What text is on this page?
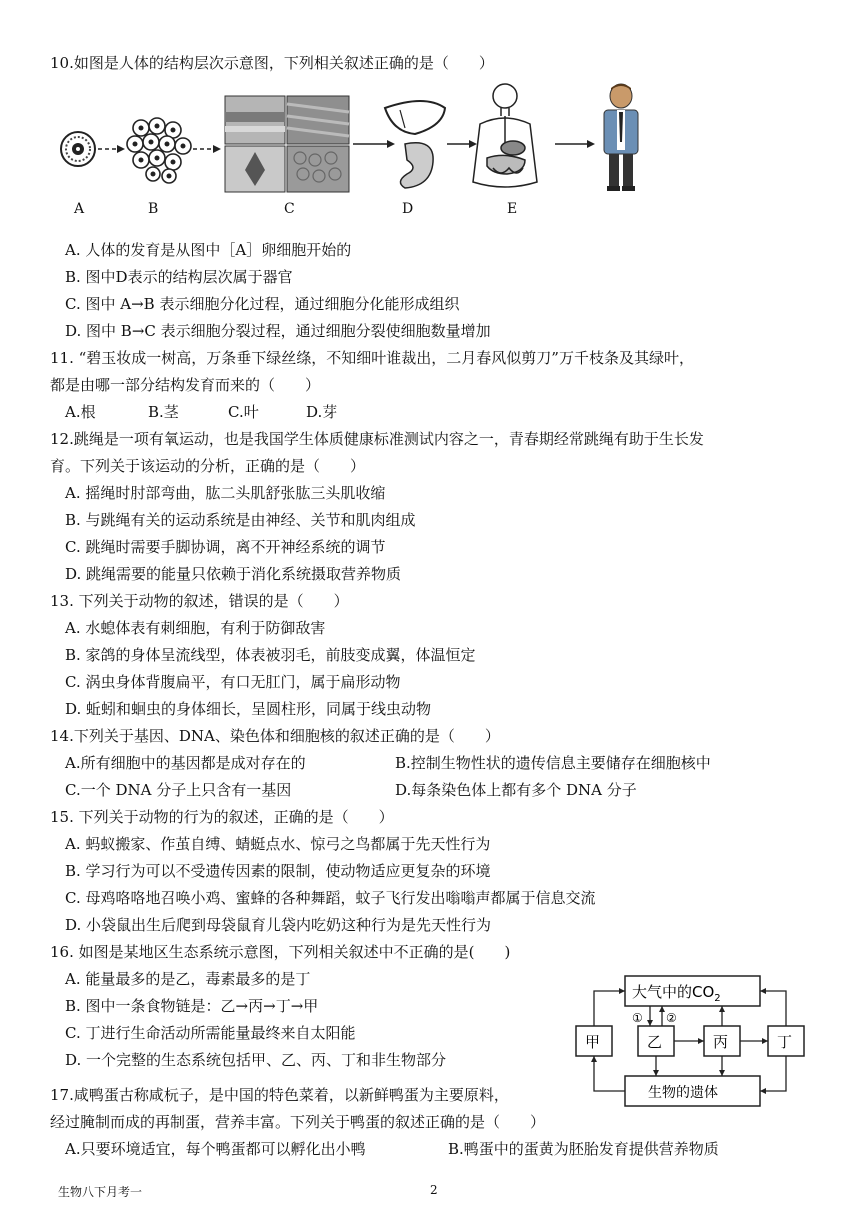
10.如图是人体的结构层次示意图，下列相关叙述正确的是（　　）
A	B	C	D	E
A. 人体的发育是从图中［A］卵细胞开始的
B. 图中D表示的结构层次属于器官
C. 图中 A→B 表示细胞分化过程，通过细胞分化能形成组织
D. 图中 B→C 表示细胞分裂过程，通过细胞分裂使细胞数量增加
11. “碧玉妆成一树高，万条垂下绿丝绦，不知细叶谁裁出，二月春风似剪刀”万千枝条及其绿叶，
都是由哪一部分结构发育而来的（　　）
A.根	B.茎	C.叶	D.芽
12.跳绳是一项有氧运动，也是我国学生体质健康标准测试内容之一，青春期经常跳绳有助于生长发
育。下列关于该运动的分析，正确的是（　　）
A. 摇绳时肘部弯曲，肱二头肌舒张肱三头肌收缩
B. 与跳绳有关的运动系统是由神经、关节和肌肉组成
C. 跳绳时需要手脚协调，离不开神经系统的调节
D. 跳绳需要的能量只依赖于消化系统摄取营养物质
13. 下列关于动物的叙述，错误的是（　　）
A. 水螅体表有刺细胞，有利于防御敌害
B. 家鸽的身体呈流线型，体表被羽毛，前肢变成翼，体温恒定
C. 涡虫身体背腹扁平，有口无肛门，属于扁形动物
D. 蚯蚓和蛔虫的身体细长，呈圆柱形，同属于线虫动物
14.下列关于基因、DNA、染色体和细胞核的叙述正确的是（　　）
A.所有细胞中的基因都是成对存在的	B.控制生物性状的遗传信息主要储存在细胞核中
C.一个 DNA 分子上只含有一基因	D.每条染色体上都有多个 DNA 分子
15. 下列关于动物的行为的叙述，正确的是（　　）
A. 蚂蚁搬家、作茧自缚、蜻蜓点水、惊弓之鸟都属于先天性行为
B. 学习行为可以不受遗传因素的限制，使动物适应更复杂的环境
C. 母鸡咯咯地召唤小鸡、蜜蜂的各种舞蹈，蚊子飞行发出嗡嗡声都属于信息交流
D. 小袋鼠出生后爬到母袋鼠育儿袋内吃奶这种行为是先天性行为
16. 如图是某地区生态系统示意图，下列相关叙述中不正确的是(　　)
A. 能量最多的是乙，毒素最多的是丁
B. 图中一条食物链是：乙→丙→丁→甲
C. 丁进行生命活动所需能量最终来自太阳能
D. 一个完整的生态系统包括甲、乙、丙、丁和非生物部分
大气中的$CO_2$
甲	乙	丙	丁
生物的遗体
① ②
17.咸鸭蛋古称咸杬子，是中国的特色菜着，以新鲜鸭蛋为主要原料，
经过腌制而成的再制蛋，营养丰富。下列关于鸭蛋的叙述正确的是（　　）
A.只要环境适宜，每个鸭蛋都可以孵化出小鸭	B.鸭蛋中的蛋黄为胚胎发育提供营养物质
生物八下月考一	2
